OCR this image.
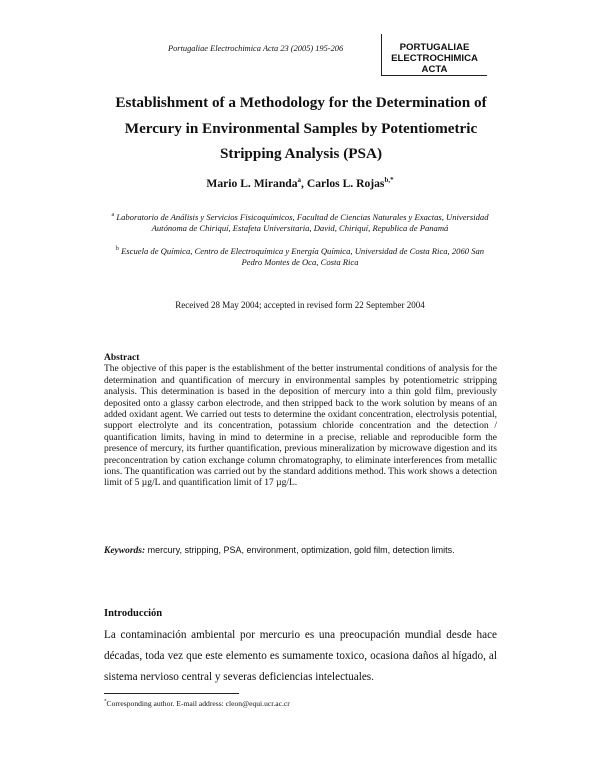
Portugaliae Electrochimica Acta 23 (2005) 195-206	PORTUGALIAE
ELECTROCHIMICA
ACTA
Establishment of a Methodology for the Determination of
Mercury in Environmental Samples by Potentiometric
Stripping Analysis (PSA)
Mario L. Miranda$^a$, Carlos L. Rojas$^{b,*}$
$^a$ Laboratorio de Análisis y Servicios Fisicoquímicos, Facultad de Ciencias Naturales y Exactas, Universidad Autónoma de Chiriquí, Estafeta Universitaria, David, Chiriquí, Republica de Panamá
$^b$ Escuela de Química, Centro de Electroquímica y Energía Química, Universidad de Costa Rica, 2060 San Pedro Montes de Oca, Costa Rica
Received 28 May 2004; accepted in revised form 22 September 2004
Abstract
The objective of this paper is the establishment of the better instrumental conditions of analysis for the determination and quantification of mercury in environmental samples by potentiometric stripping analysis. This determination is based in the deposition of mercury into a thin gold film, previously deposited onto a glassy carbon electrode, and then stripped back to the work solution by means of an added oxidant agent. We carried out tests to determine the oxidant concentration, electrolysis potential, support electrolyte and its concentration, potassium chloride concentration and the detection / quantification limits, having in mind to determine in a precise, reliable and reproducible form the presence of mercury, its further quantification, previous mineralization by microwave digestion and its preconcentration by cation exchange column chromatography, to eliminate interferences from metallic ions. The quantification was carried out by the standard additions method. This work shows a detection limit of 5 µg/L and quantification limit of 17 µg/L.
Keywords: mercury, stripping, PSA, environment, optimization, gold film, detection limits.
Introducción
La contaminación ambiental por mercurio es una preocupación mundial desde hace décadas, toda vez que este elemento es sumamente toxico, ocasiona daños al hígado, al sistema nervioso central y severas deficiencias intelectuales.
*Corresponding author. E-mail address: cleon@equi.ucr.ac.cr
